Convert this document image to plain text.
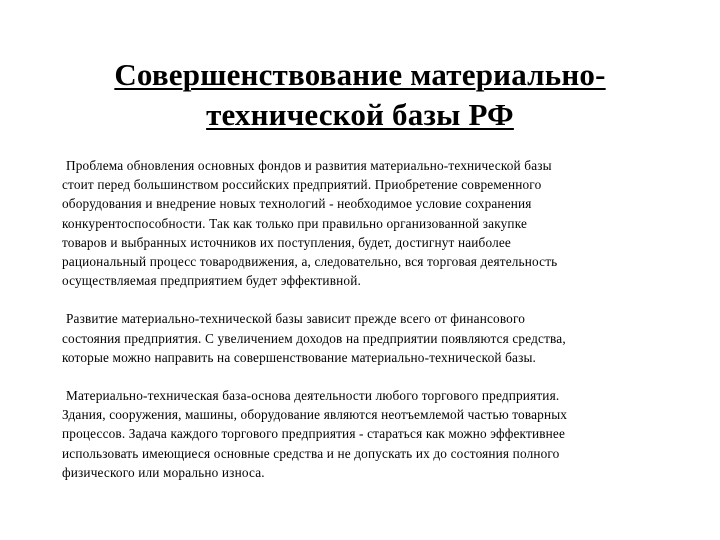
Совершенствование материально-
технической базы РФ

Проблема обновления основных фондов и развития материально-технической базы
стоит перед большинством российских предприятий. Приобретение современного
оборудования и внедрение новых технологий - необходимое условие сохранения
конкурентоспособности. Так как только при правильно организованной закупке
товаров и выбранных источников их поступления, будет, достигнут наиболее
рациональный процесс товародвижения, а, следовательно, вся торговая деятельность
осуществляемая предприятием будет эффективной.

Развитие материально-технической базы зависит прежде всего от финансового
состояния предприятия. С увеличением доходов на предприятии появляются средства,
которые можно направить на совершенствование материально-технической базы.

Материально-техническая база-основа деятельности любого торгового предприятия.
Здания, сооружения, машины, оборудование являются неотъемлемой частью товарных
процессов. Задача каждого торгового предприятия - стараться как можно эффективнее
использовать имеющиеся основные средства и не допускать их до состояния полного
физического или морально износа.
